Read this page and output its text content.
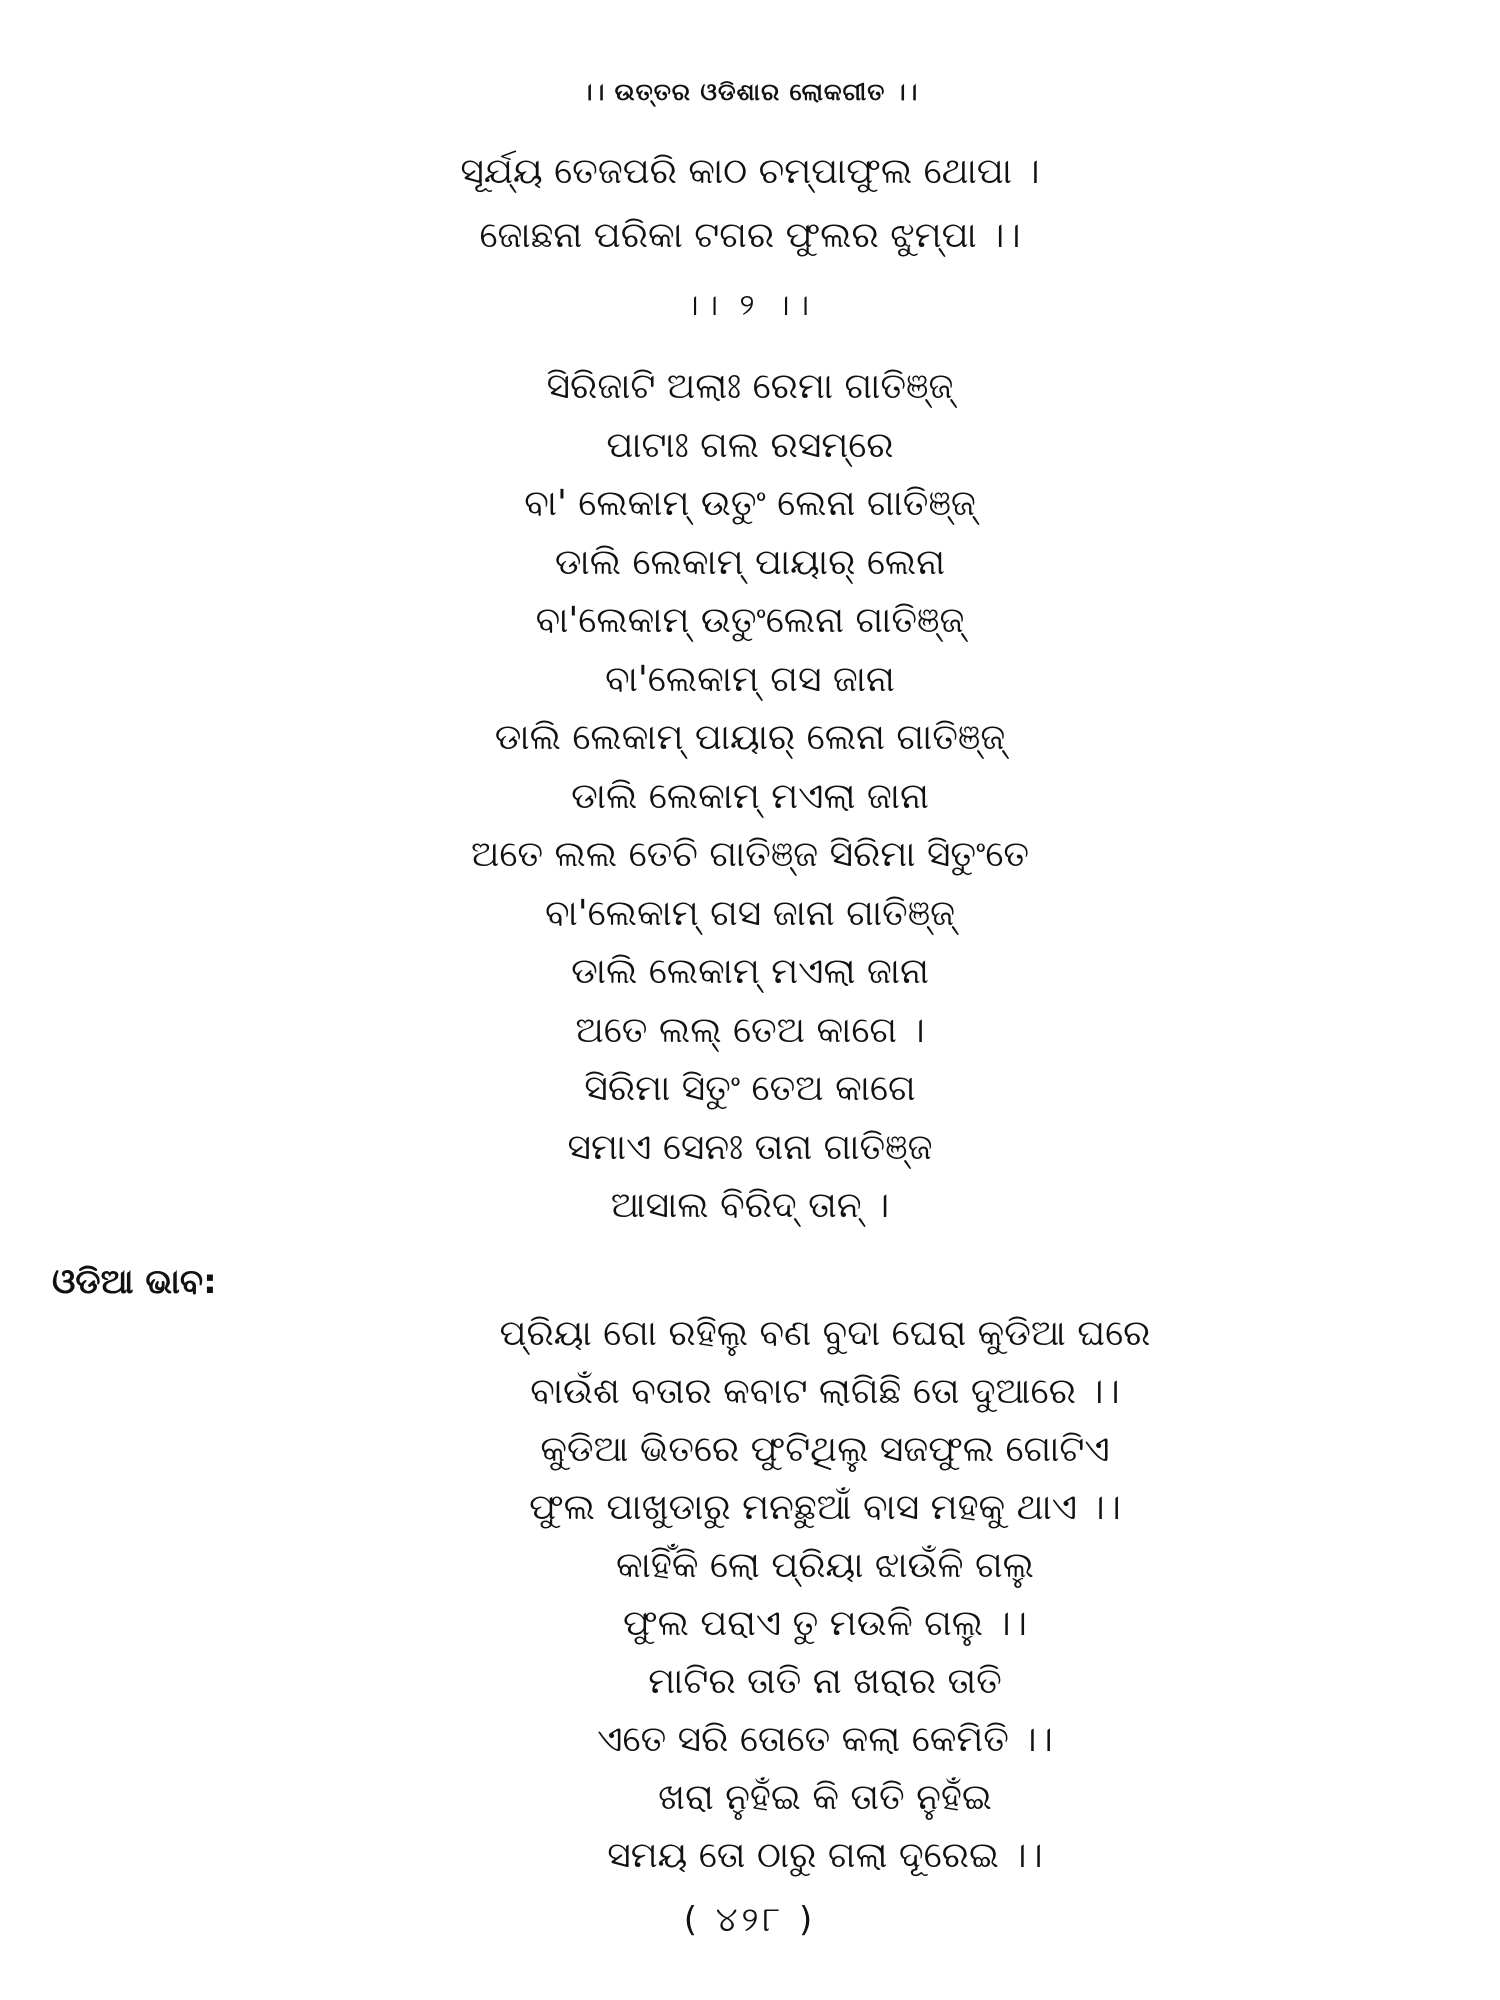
।। ଉତ୍ତର ଓଡିଶାର ଲୋକଗୀତ ।।
ସୂର୍ଯ୍ୟ ତେଜପରି କାଠ ଚମ୍ପାଫୁଲ ଥୋପା ।
ଜୋଛନା ପରିକା ଟଗର ଫୁଲର ଝୁମ୍ପା ।।
।। ୨ ।।
ସିରିଜାଟି ଅଲାଃ ରେମା ଗାତିଞ୍ଜ୍
ପାଟାଃ ଗଲ ରସମ୍‌ରେ
ବା' ଲେକାମ୍ ଉତୁଂ ଲେନା ଗାତିଞ୍ଜ୍
ଡାଲି ଲେକାମ୍ ପାୟାର୍ ଲେନା
ବା'ଲେକାମ୍ ଉତୁଂଲେନା ଗାତିଞ୍ଜ୍
ବା'ଲେକାମ୍ ଗସ ଜାନା
ଡାଲି ଲେକାମ୍ ପାୟାର୍ ଲେନା ଗାତିଞ୍ଜ୍
ଡାଲି ଲେକାମ୍ ମଏଲା ଜାନା
ଅତେ ଲଲ ତେଚି ଗାତିଞ୍ଜ ସିରିମା ସିତୁଂତେ
ବା'ଲେକାମ୍ ଗସ ଜାନା ଗାତିଞ୍ଜ୍
ଡାଲି ଲେକାମ୍ ମଏଲା ଜାନା
ଅତେ ଲଲ୍ ତେଅ କାଗେ ।
ସିରିମା ସିତୁଂ ତେଅ କାଗେ
ସମାଏ ସେନଃ ତାନା ଗାତିଞ୍ଜ
ଆସାଲ ବିରିଦ୍ ତାନ୍ ।
ଓଡିଆ ଭାବ:
ପ୍ରିୟା ଗୋ ରହିଲୁ ବଣ ବୁଦା ଘେରା କୁଡିଆ ଘରେ
ବାଉଁଶ ବତାର କବାଟ ଲାଗିଛି ତୋ ଦୁଆରେ ।।
କୁଡିଆ ଭିତରେ ଫୁଟିଥିଲୁ ସଜଫୁଲ ଗୋଟିଏ
ଫୁଲ ପାଖୁଡାରୁ ମନଛୁଆଁ ବାସ ମହକୁ ଥାଏ ।।
କାହିଁକି ଲୋ ପ୍ରିୟା ଝାଉଁଳି ଗଲୁ
ଫୁଲ ପରାଏ ତୁ ମଉଳି ଗଲୁ ।।
ମାଟିର ତାତି ନା ଖରାର ତାତି
ଏତେ ସରି ତୋତେ କଲା କେମିତି ।।
ଖରା ନୁହଁଇ କି ତାତି ନୁହଁଇ
ସମୟ ତୋ ଠାରୁ ଗଲା ଦୂରେଇ ।।
( ୪୨୮ )
